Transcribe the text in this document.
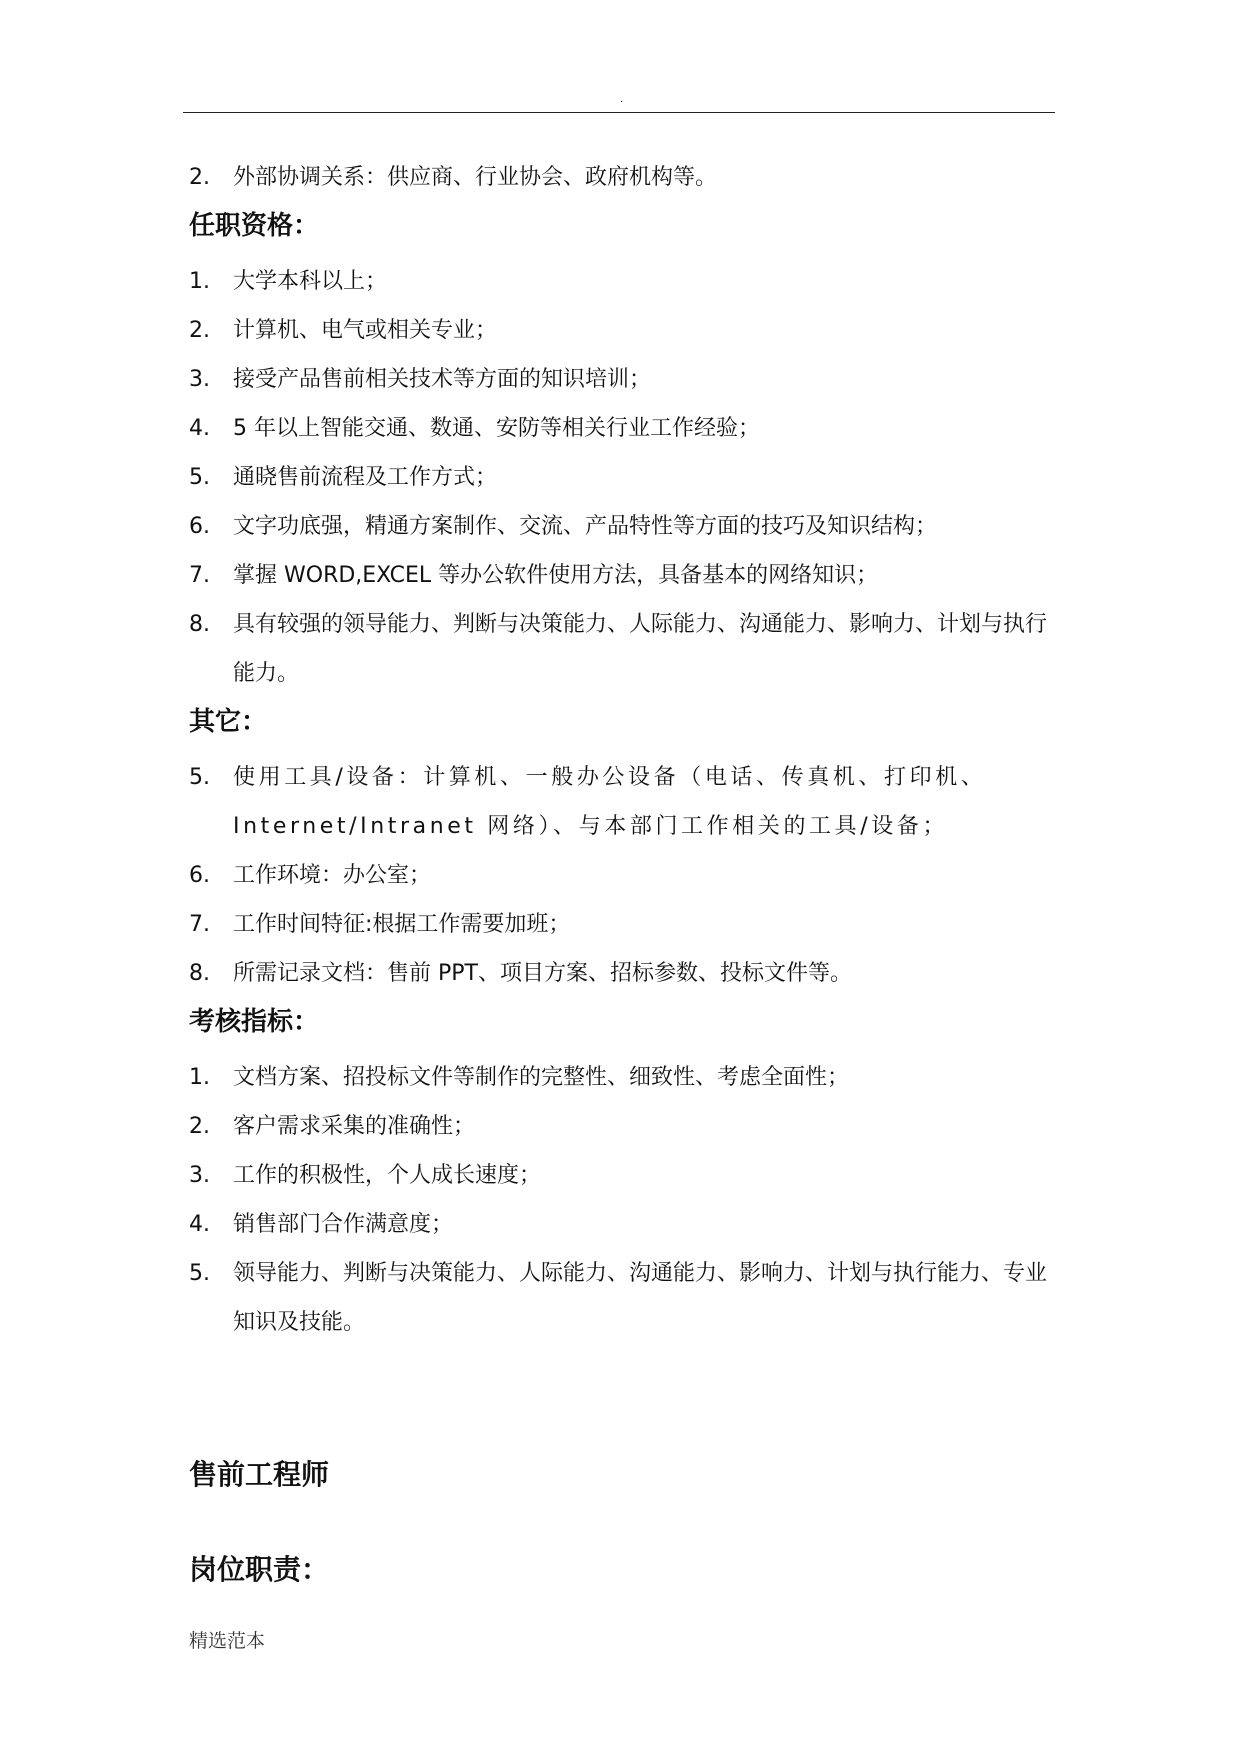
.
2.	外部协调关系：供应商、行业协会、政府机构等。
任职资格：
1.	大学本科以上；
2.	计算机、电气或相关专业；
3.	接受产品售前相关技术等方面的知识培训；
4.	5 年以上智能交通、数通、安防等相关行业工作经验；
5.	通晓售前流程及工作方式；
6.	文字功底强，精通方案制作、交流、产品特性等方面的技巧及知识结构；
7.	掌握 WORD,EXCEL 等办公软件使用方法，具备基本的网络知识；
8.	具有较强的领导能力、判断与决策能力、人际能力、沟通能力、影响力、计划与执行能力。
其它：
5.	使用工具/设备：计算机、一般办公设备（电话、传真机、打印机、Internet/Intranet 网络）、与本部门工作相关的工具/设备；
6.	工作环境：办公室；
7.	工作时间特征:根据工作需要加班；
8.	所需记录文档：售前 PPT、项目方案、招标参数、投标文件等。
考核指标：
1.	文档方案、招投标文件等制作的完整性、细致性、考虑全面性；
2.	客户需求采集的准确性；
3.	工作的积极性，个人成长速度；
4.	销售部门合作满意度；
5.	领导能力、判断与决策能力、人际能力、沟通能力、影响力、计划与执行能力、专业知识及技能。
售前工程师
岗位职责：
精选范本
